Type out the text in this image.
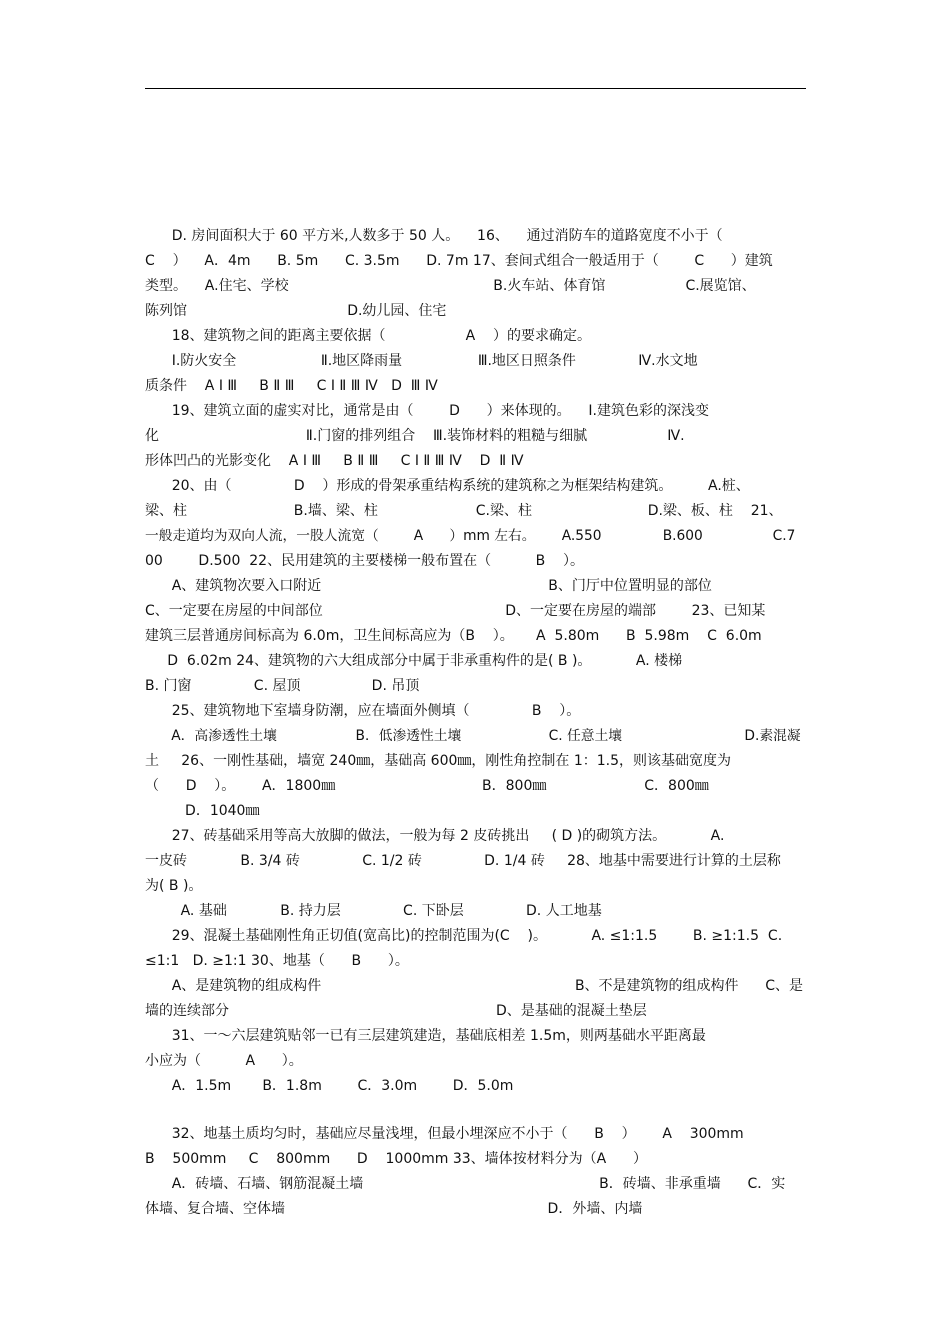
D. 房间面积大于 60 平方米,人数多于 50 人。    16、    通过消防车的道路宽度不小于（
C    ）    A．4m      B. 5m      C. 3.5m      D. 7m 17、套间式组合一般适用于（        C      ）建筑
类型。    A.住宅、学校                                              B.火车站、体育馆                  C.展览馆、
陈列馆                                    D.幼儿园、住宅
18、建筑物之间的距离主要依据（                  A    ）的要求确定。
Ⅰ.防火安全                   Ⅱ.地区降雨量                 Ⅲ.地区日照条件              Ⅳ.水文地
质条件    A Ⅰ Ⅲ     B Ⅱ Ⅲ     C Ⅰ Ⅱ Ⅲ Ⅳ   D  Ⅲ Ⅳ
19、建筑立面的虚实对比，通常是由（        D      ）来体现的。    Ⅰ.建筑色彩的深浅变
化                                 Ⅱ.门窗的排列组合    Ⅲ.装饰材料的粗糙与细腻                  Ⅳ.
形体凹凸的光影变化    A Ⅰ Ⅲ     B Ⅱ Ⅲ     C Ⅰ Ⅱ Ⅲ Ⅳ    D  Ⅱ Ⅳ
20、由（              D    ）形成的骨架承重结构系统的建筑称之为框架结构建筑。        A.桩、
梁、柱                        B.墙、梁、柱                      C.梁、柱                          D.梁、板、柱    21、
一般走道均为双向人流，一股人流宽（        A      ）mm 左右。      A.550              B.600                C.7
00        D.500  22、民用建筑的主要楼梯一般布置在（          B    ）。
A、建筑物次要入口附近                                                   B、门厅中位置明显的部位
C、一定要在房屋的中间部位                                         D、一定要在房屋的端部        23、已知某
建筑三层普通房间标高为 6.0m，卫生间标高应为（B    ）。     A  5.80m      B  5.98m    C  6.0m
D  6.02m 24、建筑物的六大组成部分中属于非承重构件的是( B )。          A. 楼梯
B. 门窗              C. 屋顶                D. 吊顶
25、建筑物地下室墙身防潮，应在墙面外侧填（              B    ）。
A．高渗透性土壤                  B．低渗透性土壤                    C. 任意土壤                            D.素混凝
土     26、一刚性基础，墙宽 240㎜，基础高 600㎜，刚性角控制在 1：1.5，则该基础宽度为
（      D    ）。      A．1800㎜                                 B．800㎜                      C．800㎜
D．1040㎜
27、砖基础采用等高大放脚的做法，一般为每 2 皮砖挑出     ( D )的砌筑方法。          A.
一皮砖            B. 3/4 砖              C. 1/2 砖              D. 1/4 砖     28、地基中需要进行计算的土层称
为( B )。
A. 基础            B. 持力层              C. 下卧层              D. 人工地基
29、混凝土基础刚性角正切值(宽高比)的控制范围为(C    )。          A. ≤1:1.5        B. ≥1:1.5  C.
≤1:1   D. ≥1:1 30、地基（      B      ）。
A、是建筑物的组成构件                                                         B、不是建筑物的组成构件      C、是
墙的连续部分                                                            D、是基础的混凝土垫层
31、一～六层建筑贴邻一已有三层建筑建造，基础底相差 1.5m，则两基础水平距离最
小应为（          A      ）。
A．1.5m       B．1.8m        C．3.0m        D．5.0m
32、地基土质均匀时，基础应尽量浅埋，但最小埋深应不小于（      B    ）      A    300mm
B    500mm     C    800mm      D    1000mm 33、墙体按材料分为（A      ）
A．砖墙、石墙、钢筋混凝土墙                                                     B．砖墙、非承重墙      C．实
体墙、复合墙、空体墙                                                           D．外墙、内墙
